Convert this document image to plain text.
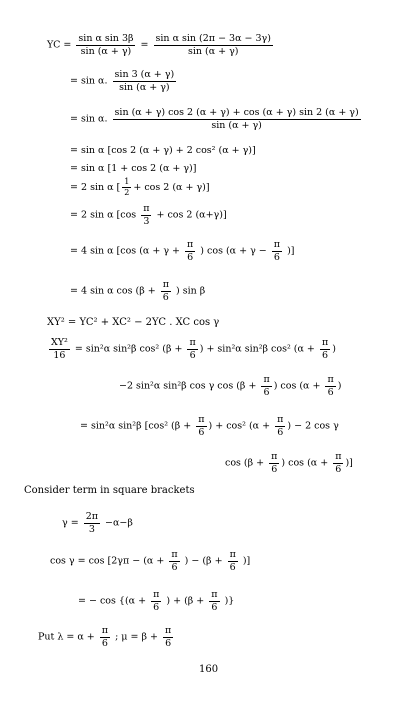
YC = $\frac{\text{sin α sin 3β}}{\sin (\alpha + \gamma)} = \frac{\text{sin α sin (2π − 3α − 3γ)}}{\sin (\alpha + \gamma)}$
= sin α. $\frac{\sin 3 (\alpha + \gamma)}{\sin (\alpha + \gamma)}$
= sin α. $\frac{\sin (\alpha + \gamma) \cos 2 (\alpha + \gamma) + \cos (\alpha + \gamma) \sin 2 (\alpha + \gamma)}{\sin (\alpha + \gamma)}$
= sin α [cos 2 (α + γ) + 2 cos² (α + γ)]
= sin α [1 + cos 2 (α + γ)]
= 2 sin α [ $\frac{1}{2} + \cos 2$ (α + γ)]
= 2 sin α [$\cos \frac{\pi}{3} + \cos 2$ (α+γ)]
= 4 sin α [cos ($\alpha + \gamma + \frac{\pi}{6}$ ) $\cos (\alpha + \gamma - \frac{\pi}{6}$ )]
= 4 sin α $\cos (\beta + \frac{\pi}{6}$ ) sin β
XY² = YC² + XC² − 2YC . XC cos γ
$\frac{\text{XY²}}{16} = \sin^2\alpha$ sin²β cos² ($\beta + \frac{\pi}{6}$ ) + sin²α sin²β cos² ($\alpha + \frac{\pi}{6}$ )
−2 sin²α sin²β cos γ $\cos (\beta + \frac{\pi}{6}$ ) $\cos (\alpha + \frac{\pi}{6}$ )
= sin²α sin²β [cos² ($\beta + \frac{\pi}{6}$ ) + cos² ($\alpha + \frac{\pi}{6}$ ) − 2 cos γ
$\cos (\beta + \frac{\pi}{6}$ ) $\cos (\alpha + \frac{\pi}{6}$ )]
Consider term in square brackets
$\gamma = \frac{2\pi}{3} -\alpha-\beta$
$\cos \gamma = \cos [2\gamma\pi - (\alpha + \frac{\pi}{6}$ ) − ($\beta + \frac{\pi}{6}$ )]
= − $\cos \{(\alpha + \frac{\pi}{6}$ ) + ($\beta + \frac{\pi}{6}$ )}
Put $\lambda = \alpha + \frac{\pi}{6}$ ; $\mu = \beta + \frac{\pi}{6}$
160
